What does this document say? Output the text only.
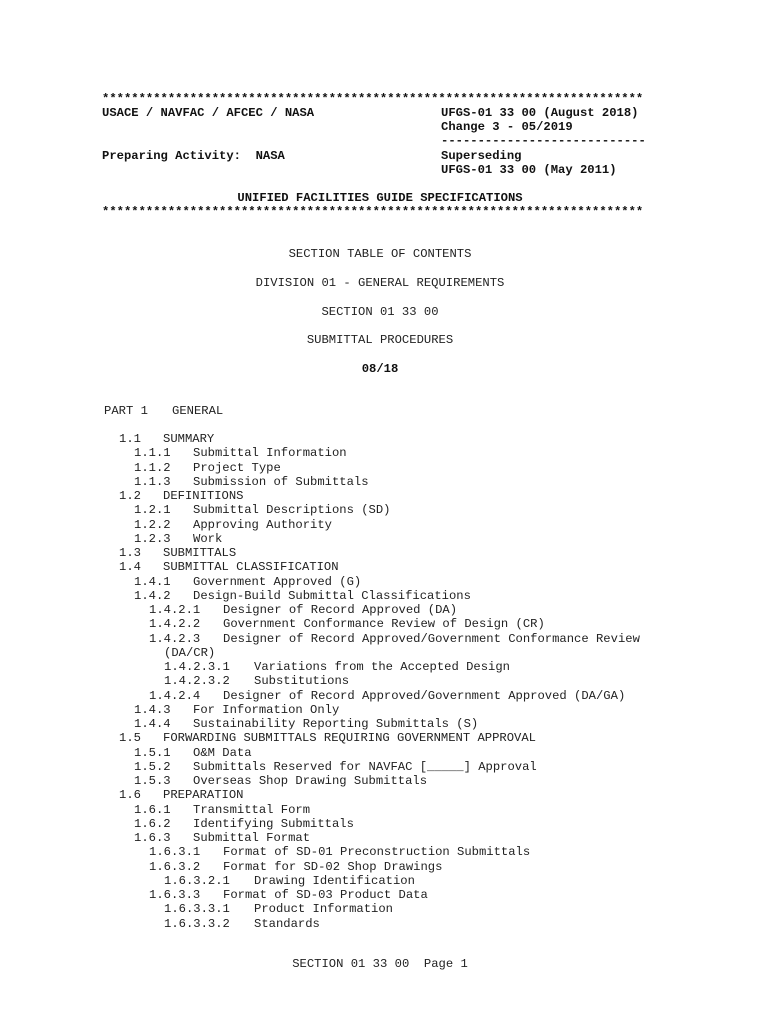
**************************************************************************
USACE / NAVFAC / AFCEC / NASA	UFGS-01 33 00 (August 2018)
Change 3 - 05/2019
----------------------------
Preparing Activity:  NASA	Superseding
UFGS-01 33 00 (May 2011)
UNIFIED FACILITIES GUIDE SPECIFICATIONS
**************************************************************************
SECTION TABLE OF CONTENTS
DIVISION 01 - GENERAL REQUIREMENTS
SECTION 01 33 00
SUBMITTAL PROCEDURES
08/18
PART 1 GENERAL
1.1 SUMMARY
1.1.1 Submittal Information
1.1.2 Project Type
1.1.3 Submission of Submittals
1.2 DEFINITIONS
1.2.1 Submittal Descriptions (SD)
1.2.2 Approving Authority
1.2.3 Work
1.3 SUBMITTALS
1.4 SUBMITTAL CLASSIFICATION
1.4.1 Government Approved (G)
1.4.2 Design-Build Submittal Classifications
1.4.2.1 Designer of Record Approved (DA)
1.4.2.2 Government Conformance Review of Design (CR)
1.4.2.3 Designer of Record Approved/Government Conformance Review
(DA/CR)
1.4.2.3.1 Variations from the Accepted Design
1.4.2.3.2 Substitutions
1.4.2.4 Designer of Record Approved/Government Approved (DA/GA)
1.4.3 For Information Only
1.4.4 Sustainability Reporting Submittals (S)
1.5 FORWARDING SUBMITTALS REQUIRING GOVERNMENT APPROVAL
1.5.1 O&M Data
1.5.2 Submittals Reserved for NAVFAC [_____] Approval
1.5.3 Overseas Shop Drawing Submittals
1.6 PREPARATION
1.6.1 Transmittal Form
1.6.2 Identifying Submittals
1.6.3 Submittal Format
1.6.3.1 Format of SD-01 Preconstruction Submittals
1.6.3.2 Format for SD-02 Shop Drawings
1.6.3.2.1 Drawing Identification
1.6.3.3 Format of SD-03 Product Data
1.6.3.3.1 Product Information
1.6.3.3.2 Standards
SECTION 01 33 00  Page 1
